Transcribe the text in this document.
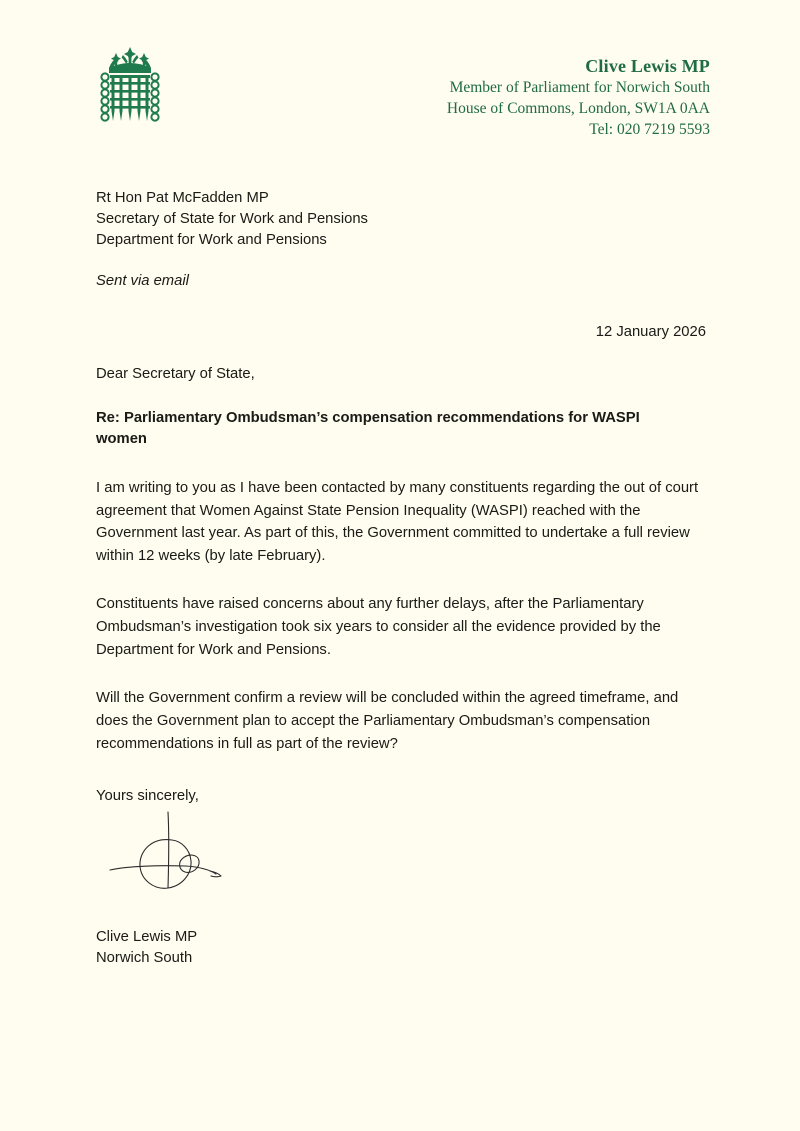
Clive Lewis MP
Member of Parliament for Norwich South
House of Commons, London, SW1A 0AA
Tel: 020 7219 5593
Rt Hon Pat McFadden MP
Secretary of State for Work and Pensions
Department for Work and Pensions
Sent via email
12 January 2026
Dear Secretary of State,
Re: Parliamentary Ombudsman’s compensation recommendations for WASPI women
I am writing to you as I have been contacted by many constituents regarding the out of court agreement that Women Against State Pension Inequality (WASPI) reached with the Government last year. As part of this, the Government committed to undertake a full review within 12 weeks (by late February).
Constituents have raised concerns about any further delays, after the Parliamentary Ombudsman’s investigation took six years to consider all the evidence provided by the Department for Work and Pensions.
Will the Government confirm a review will be concluded within the agreed timeframe, and does the Government plan to accept the Parliamentary Ombudsman’s compensation recommendations in full as part of the review?
Yours sincerely,
Clive Lewis MP
Norwich South
